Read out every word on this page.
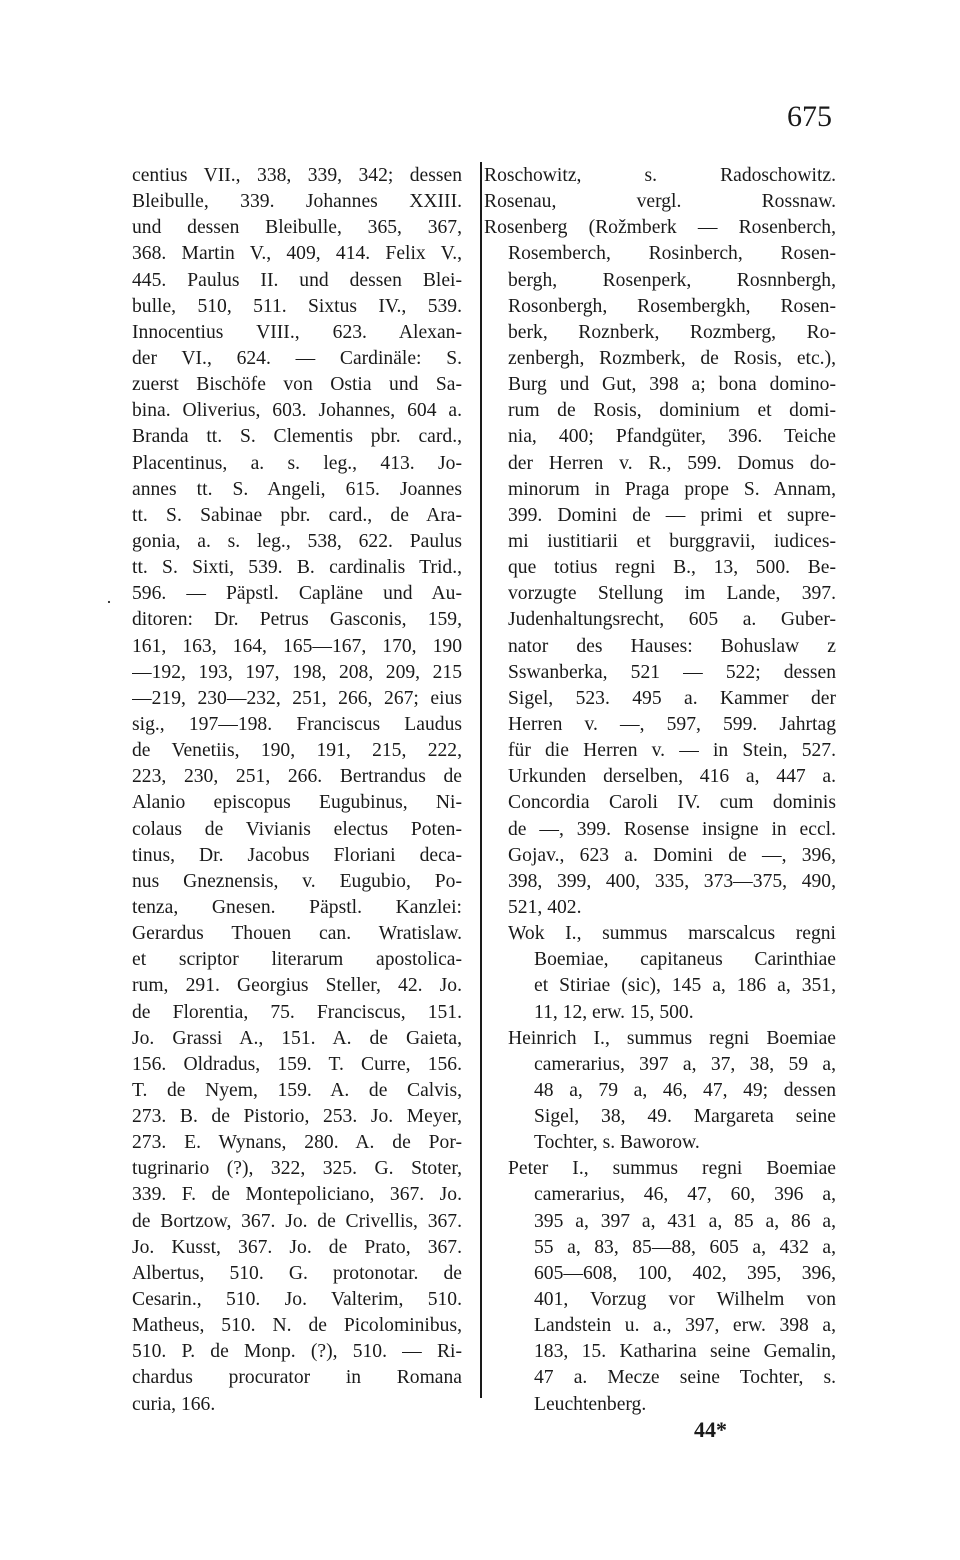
675
centius VII., 338, 339, 342; dessen
Bleibulle, 339. Johannes XXIII.
und dessen Bleibulle, 365, 367,
368. Martin V., 409, 414. Felix V.,
445. Paulus II. und dessen Blei-
bulle, 510, 511. Sixtus IV., 539.
Innocentius VIII., 623. Alexan-
der VI., 624. — Cardinäle: S.
zuerst Bischöfe von Ostia und Sa-
bina. Oliverius, 603. Johannes, 604 a.
Branda tt. S. Clementis pbr. card.,
Placentinus, a. s. leg., 413. Jo-
annes tt. S. Angeli, 615. Joannes
tt. S. Sabinae pbr. card., de Ara-
gonia, a. s. leg., 538, 622. Paulus
tt. S. Sixti, 539. B. cardinalis Trid.,
596. — Päpstl. Capläne und Au-
ditoren: Dr. Petrus Gasconis, 159,
161, 163, 164, 165—167, 170, 190
—192, 193, 197, 198, 208, 209, 215
—219, 230—232, 251, 266, 267; eius
sig., 197—198. Franciscus Laudus
de Venetiis, 190, 191, 215, 222,
223, 230, 251, 266. Bertrandus de
Alanio episcopus Eugubinus, Ni-
colaus de Vivianis electus Poten-
tinus, Dr. Jacobus Floriani deca-
nus Gneznensis, v. Eugubio, Po-
tenza, Gnesen. Päpstl. Kanzlei:
Gerardus Thouen can. Wratislaw.
et scriptor literarum apostolica-
rum, 291. Georgius Steller, 42. Jo.
de Florentia, 75. Franciscus, 151.
Jo. Grassi A., 151. A. de Gaieta,
156. Oldradus, 159. T. Curre, 156.
T. de Nyem, 159. A. de Calvis,
273. B. de Pistorio, 253. Jo. Meyer,
273. E. Wynans, 280. A. de Por-
tugrinario (?), 322, 325. G. Stoter,
339. F. de Montepoliciano, 367. Jo.
de Bortzow, 367. Jo. de Crivellis, 367.
Jo. Kusst, 367. Jo. de Prato, 367.
Albertus, 510. G. protonotar. de
Cesarin., 510. Jo. Valterim, 510.
Matheus, 510. N. de Picolominibus,
510. P. de Monp. (?), 510. — Ri-
chardus procurator in Romana
curia, 166.
Roschowitz, s. Radoschowitz.
Rosenau, vergl. Rossnaw.
Rosenberg (Rožmberk — Rosenberch,
Rosemberch, Rosinberch, Rosen-
bergh, Rosenperk, Rosnnbergh,
Rosonbergh, Rosembergkh, Rosen-
berk, Roznberk, Rozmberg, Ro-
zenbergh, Rozmberk, de Rosis, etc.),
Burg und Gut, 398 a; bona domino-
rum de Rosis, dominium et domi-
nia, 400; Pfandgüter, 396. Teiche
der Herren v. R., 599. Domus do-
minorum in Praga prope S. Annam,
399. Domini de — primi et supre-
mi iustitiarii et burggravii, iudices-
que totius regni B., 13, 500. Be-
vorzugte Stellung im Lande, 397.
Judenhaltungsrecht, 605 a. Guber-
nator des Hauses: Bohuslaw z
Sswanberka, 521 — 522; dessen
Sigel, 523. 495 a. Kammer der
Herren v. —, 597, 599. Jahrtag
für die Herren v. — in Stein, 527.
Urkunden derselben, 416 a, 447 a.
Concordia Caroli IV. cum dominis
de —, 399. Rosense insigne in eccl.
Gojav., 623 a. Domini de —, 396,
398, 399, 400, 335, 373—375, 490,
521, 402.
Wok I., summus marscalcus regni
Boemiae, capitaneus Carinthiae
et Stiriae (sic), 145 a, 186 a, 351,
11, 12, erw. 15, 500.
Heinrich I., summus regni Boemiae
camerarius, 397 a, 37, 38, 59 a,
48 a, 79 a, 46, 47, 49; dessen
Sigel, 38, 49. Margareta seine
Tochter, s. Baworow.
Peter I., summus regni Boemiae
camerarius, 46, 47, 60, 396 a,
395 a, 397 a, 431 a, 85 a, 86 a,
55 a, 83, 85—88, 605 a, 432 a,
605—608, 100, 402, 395, 396,
401, Vorzug vor Wilhelm von
Landstein u. a., 397, erw. 398 a,
183, 15. Katharina seine Gemalin,
47 a. Mecze seine Tochter, s.
Leuchtenberg.
·
44*
